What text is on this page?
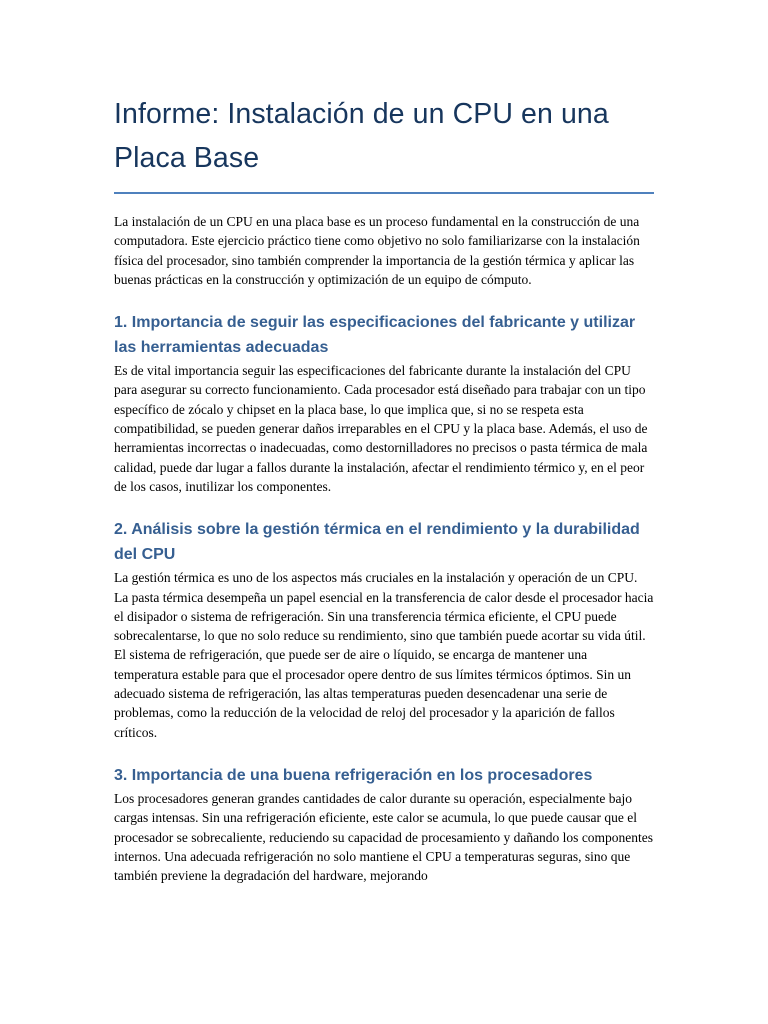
Informe: Instalación de un CPU en una Placa Base

La instalación de un CPU en una placa base es un proceso fundamental en la construcción de una computadora. Este ejercicio práctico tiene como objetivo no solo familiarizarse con la instalación física del procesador, sino también comprender la importancia de la gestión térmica y aplicar las buenas prácticas en la construcción y optimización de un equipo de cómputo.

1. Importancia de seguir las especificaciones del fabricante y utilizar las herramientas adecuadas

Es de vital importancia seguir las especificaciones del fabricante durante la instalación del CPU para asegurar su correcto funcionamiento. Cada procesador está diseñado para trabajar con un tipo específico de zócalo y chipset en la placa base, lo que implica que, si no se respeta esta compatibilidad, se pueden generar daños irreparables en el CPU y la placa base. Además, el uso de herramientas incorrectas o inadecuadas, como destornilladores no precisos o pasta térmica de mala calidad, puede dar lugar a fallos durante la instalación, afectar el rendimiento térmico y, en el peor de los casos, inutilizar los componentes.

2. Análisis sobre la gestión térmica en el rendimiento y la durabilidad del CPU

La gestión térmica es uno de los aspectos más cruciales en la instalación y operación de un CPU. La pasta térmica desempeña un papel esencial en la transferencia de calor desde el procesador hacia el disipador o sistema de refrigeración. Sin una transferencia térmica eficiente, el CPU puede sobrecalentarse, lo que no solo reduce su rendimiento, sino que también puede acortar su vida útil. El sistema de refrigeración, que puede ser de aire o líquido, se encarga de mantener una temperatura estable para que el procesador opere dentro de sus límites térmicos óptimos. Sin un adecuado sistema de refrigeración, las altas temperaturas pueden desencadenar una serie de problemas, como la reducción de la velocidad de reloj del procesador y la aparición de fallos críticos.

3. Importancia de una buena refrigeración en los procesadores

Los procesadores generan grandes cantidades de calor durante su operación, especialmente bajo cargas intensas. Sin una refrigeración eficiente, este calor se acumula, lo que puede causar que el procesador se sobrecaliente, reduciendo su capacidad de procesamiento y dañando los componentes internos. Una adecuada refrigeración no solo mantiene el CPU a temperaturas seguras, sino que también previene la degradación del hardware, mejorando
